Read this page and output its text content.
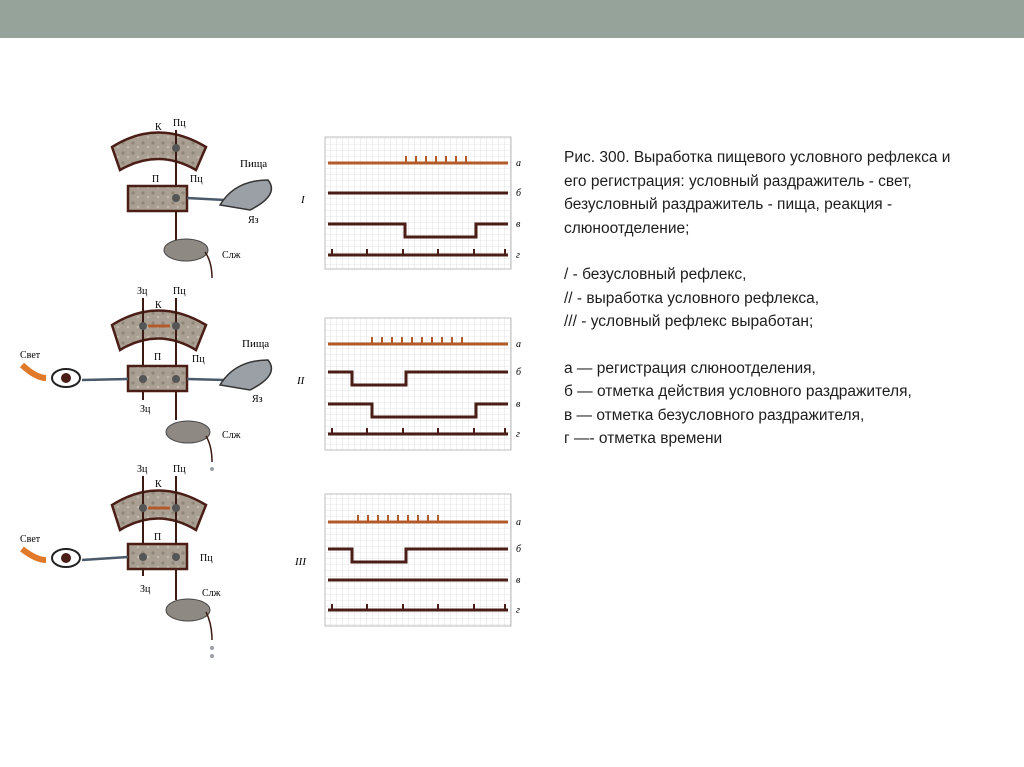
К Пц
П	Пц
Пища
Яз
Слж
Зц	Пц
К
П	Пц
Зц
Свет
Пища
Яз
Слж
Зц	Пц
К
П
Пц
Зц
Свет
Слж
а
б
в
г
I
а
б
в
г
II
а
б
в
г
III

Рис. 300. Выработка пищевого условного рефлекса и

его регистрация: условный раздражитель - свет,

безусловный раздражитель - пища, реакция -

слюноотделение;

/ - безусловный рефлекс,

// - выработка условного рефлекса,

/// - условный рефлекс выработан;

а — регистрация слюноотделения,

б — отметка действия условного раздражителя,

в — отметка безусловного раздражителя,

г —- отметка времени
